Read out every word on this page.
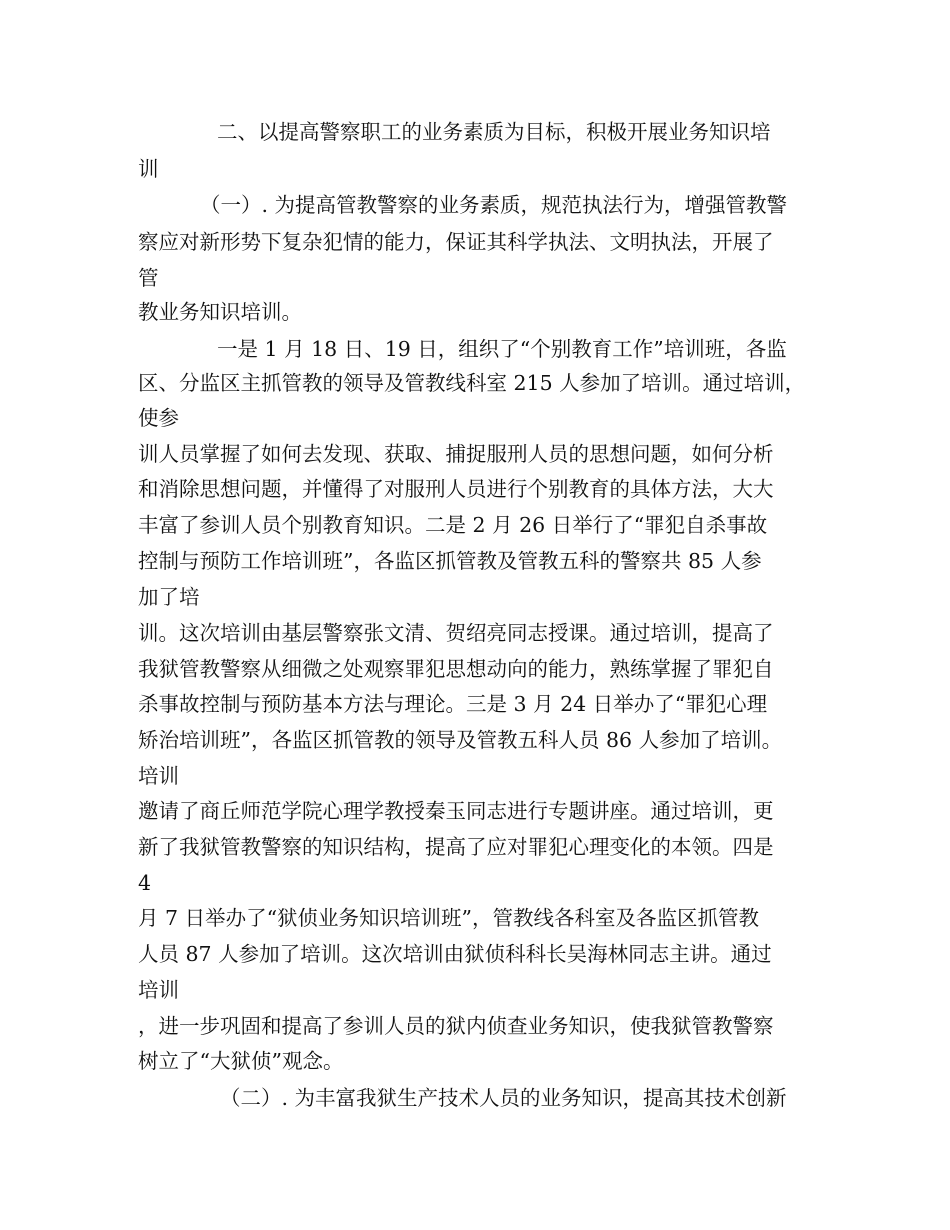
二、以提高警察职工的业务素质为目标，积极开展业务知识培

训

（一）. 为提高管教警察的业务素质，规范执法行为，增强管教警

察应对新形势下复杂犯情的能力，保证其科学执法、文明执法，开展了

管

教业务知识培训。

一是 1 月 18 日、19 日，组织了“个别教育工作”培训班，各监

区、分监区主抓管教的领导及管教线科室 215 人参加了培训。通过培训，

使参

训人员掌握了如何去发现、获取、捕捉服刑人员的思想问题，如何分析

和消除思想问题，并懂得了对服刑人员进行个别教育的具体方法，大大

丰富了参训人员个别教育知识。二是 2 月 26 日举行了“罪犯自杀事故

控制与预防工作培训班”，各监区抓管教及管教五科的警察共 85 人参

加了培

训。这次培训由基层警察张文清、贺绍亮同志授课。通过培训，提高了

我狱管教警察从细微之处观察罪犯思想动向的能力，熟练掌握了罪犯自

杀事故控制与预防基本方法与理论。三是 3 月 24 日举办了“罪犯心理

矫治培训班”，各监区抓管教的领导及管教五科人员 86 人参加了培训。

培训

邀请了商丘师范学院心理学教授秦玉同志进行专题讲座。通过培训，更

新了我狱管教警察的知识结构，提高了应对罪犯心理变化的本领。四是

4

月 7 日举办了“狱侦业务知识培训班”，管教线各科室及各监区抓管教

人员 87 人参加了培训。这次培训由狱侦科科长吴海林同志主讲。通过

培训

，进一步巩固和提高了参训人员的狱内侦查业务知识，使我狱管教警察

树立了“大狱侦”观念。

（二）. 为丰富我狱生产技术人员的业务知识，提高其技术创新
